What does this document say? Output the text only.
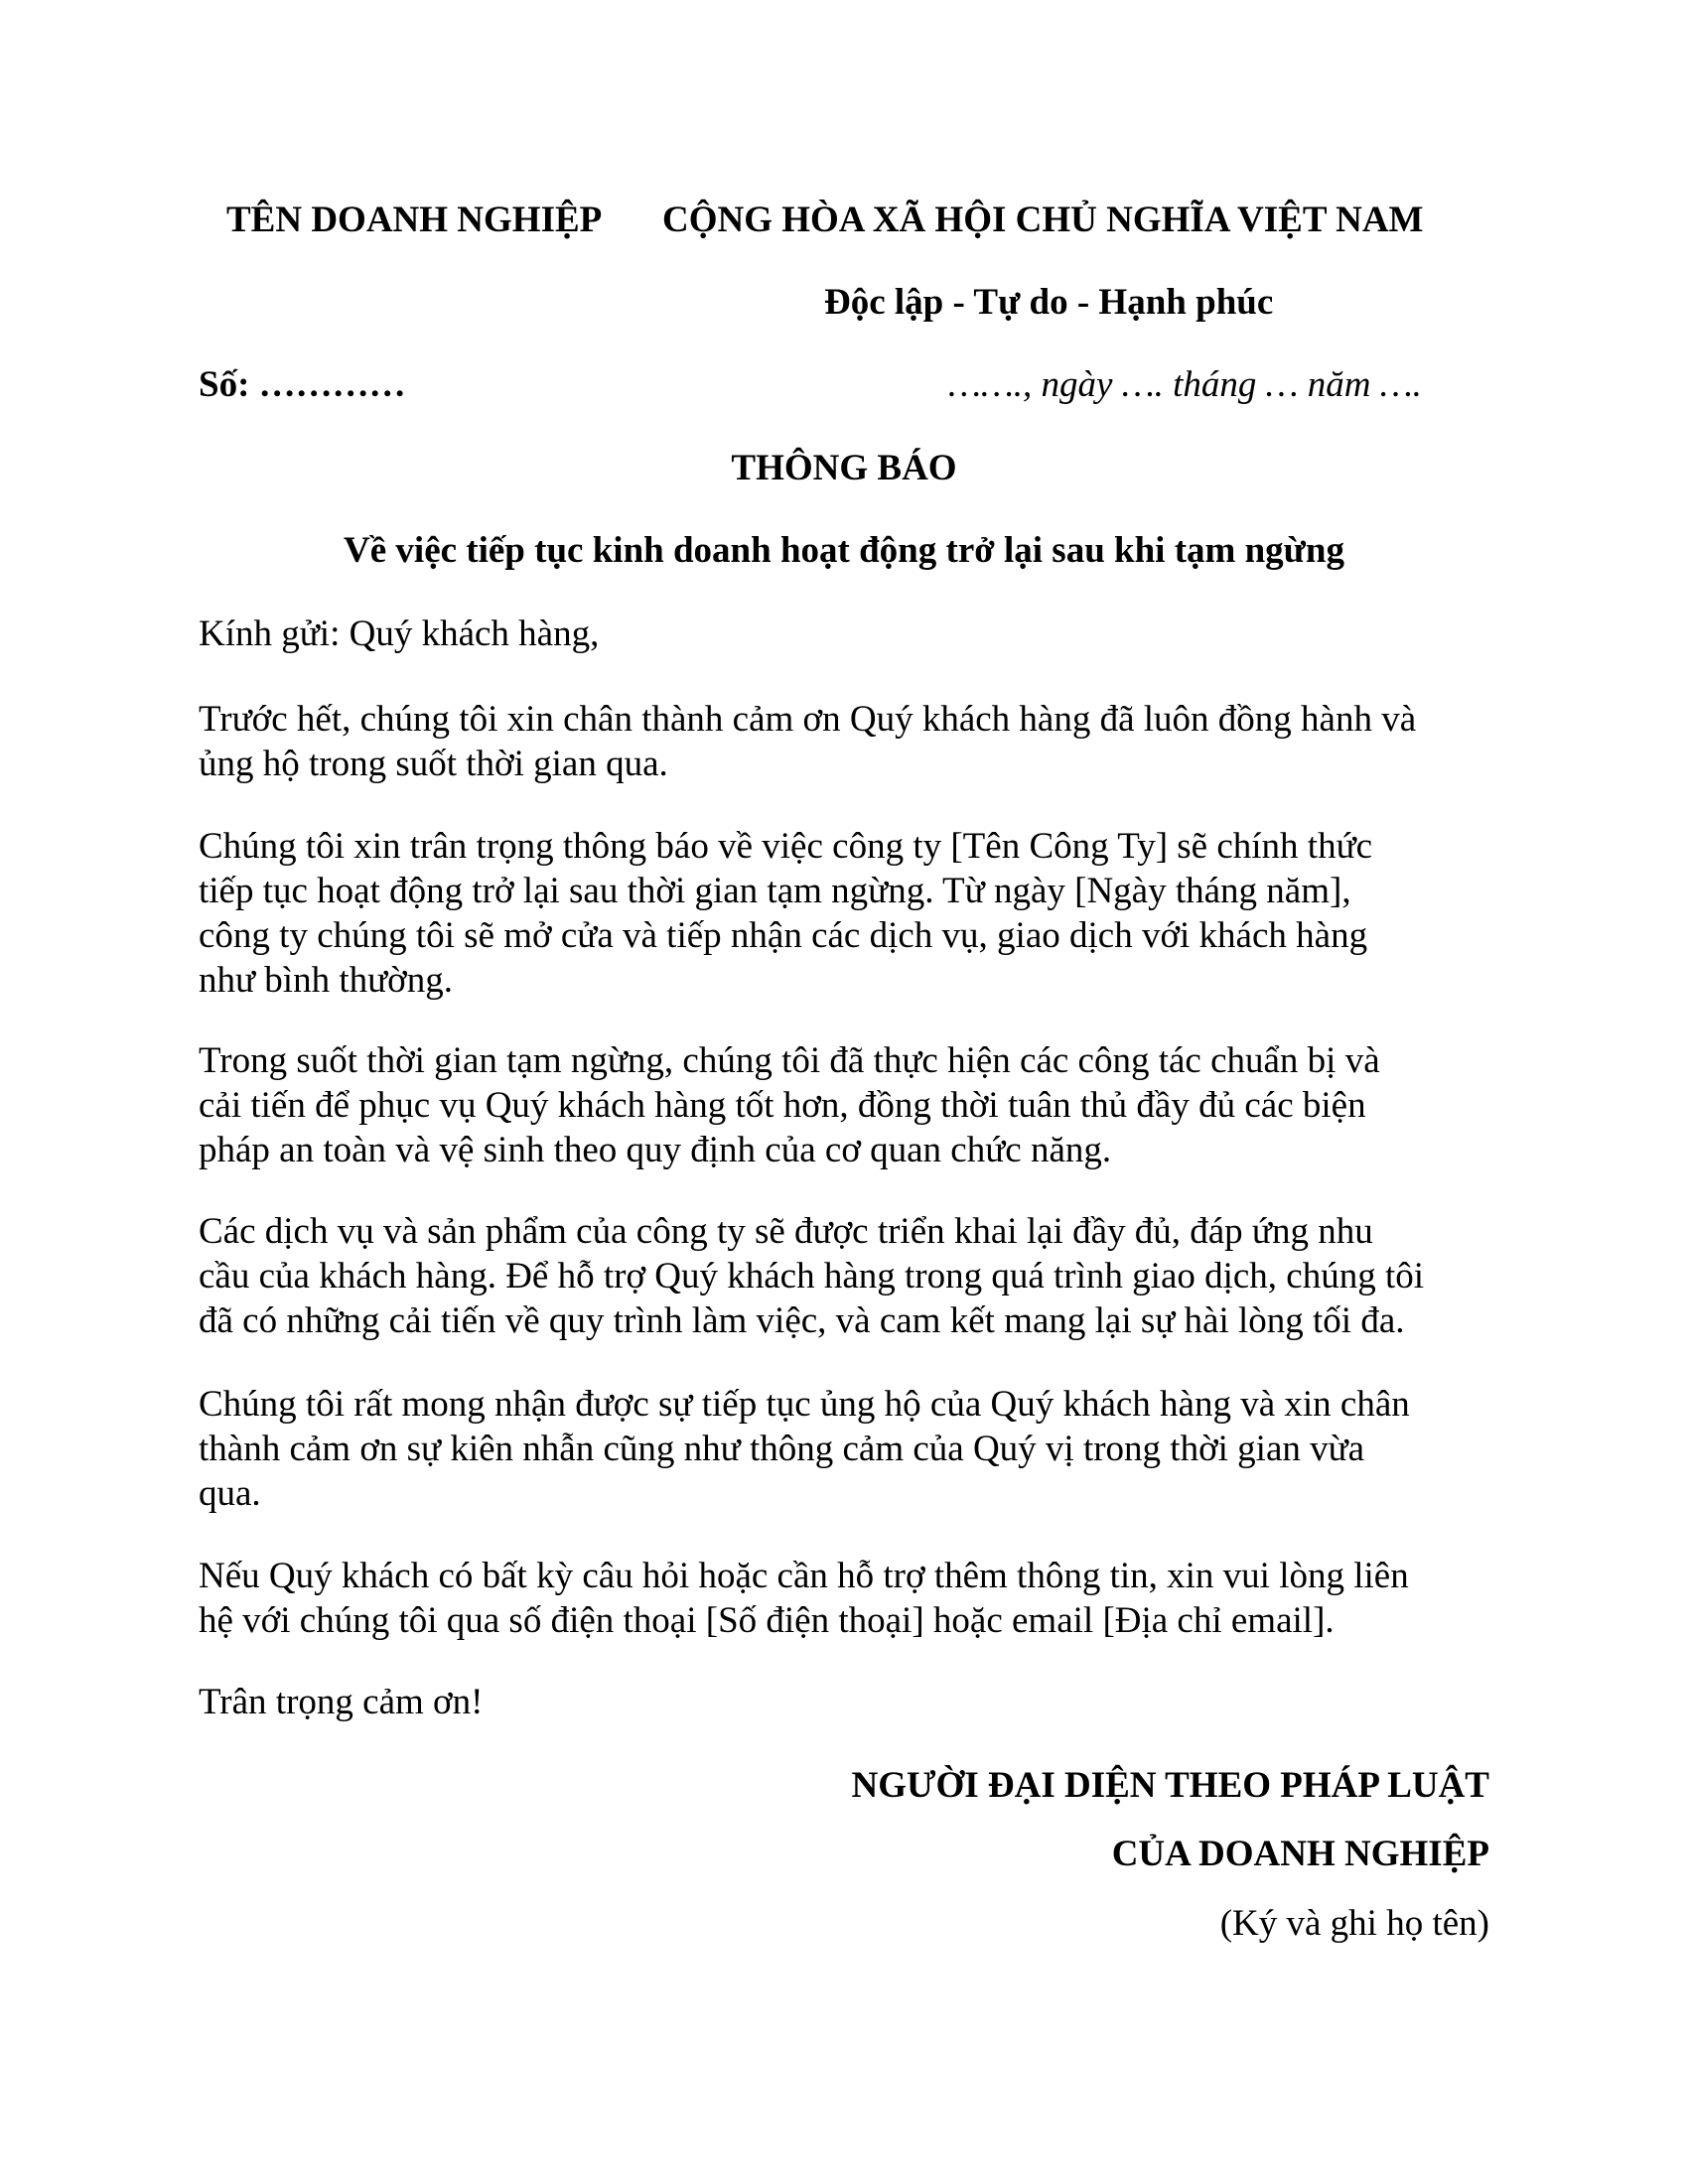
TÊN DOANH NGHIỆP CỘNG HÒA XÃ HỘI CHỦ NGHĨA VIỆT NAM
Độc lập - Tự do - Hạnh phúc
Số: …………	……., ngày …. tháng … năm ….
THÔNG BÁO
Về việc tiếp tục kinh doanh hoạt động trở lại sau khi tạm ngừng
Kính gửi: Quý khách hàng,
Trước hết, chúng tôi xin chân thành cảm ơn Quý khách hàng đã luôn đồng hành và
ủng hộ trong suốt thời gian qua.
Chúng tôi xin trân trọng thông báo về việc công ty [Tên Công Ty] sẽ chính thức
tiếp tục hoạt động trở lại sau thời gian tạm ngừng. Từ ngày [Ngày tháng năm],
công ty chúng tôi sẽ mở cửa và tiếp nhận các dịch vụ, giao dịch với khách hàng
như bình thường.
Trong suốt thời gian tạm ngừng, chúng tôi đã thực hiện các công tác chuẩn bị và
cải tiến để phục vụ Quý khách hàng tốt hơn, đồng thời tuân thủ đầy đủ các biện
pháp an toàn và vệ sinh theo quy định của cơ quan chức năng.
Các dịch vụ và sản phẩm của công ty sẽ được triển khai lại đầy đủ, đáp ứng nhu
cầu của khách hàng. Để hỗ trợ Quý khách hàng trong quá trình giao dịch, chúng tôi
đã có những cải tiến về quy trình làm việc, và cam kết mang lại sự hài lòng tối đa.
Chúng tôi rất mong nhận được sự tiếp tục ủng hộ của Quý khách hàng và xin chân
thành cảm ơn sự kiên nhẫn cũng như thông cảm của Quý vị trong thời gian vừa
qua.
Nếu Quý khách có bất kỳ câu hỏi hoặc cần hỗ trợ thêm thông tin, xin vui lòng liên
hệ với chúng tôi qua số điện thoại [Số điện thoại] hoặc email [Địa chỉ email].
Trân trọng cảm ơn!
NGƯỜI ĐẠI DIỆN THEO PHÁP LUẬT
CỦA DOANH NGHIỆP
(Ký và ghi họ tên)
